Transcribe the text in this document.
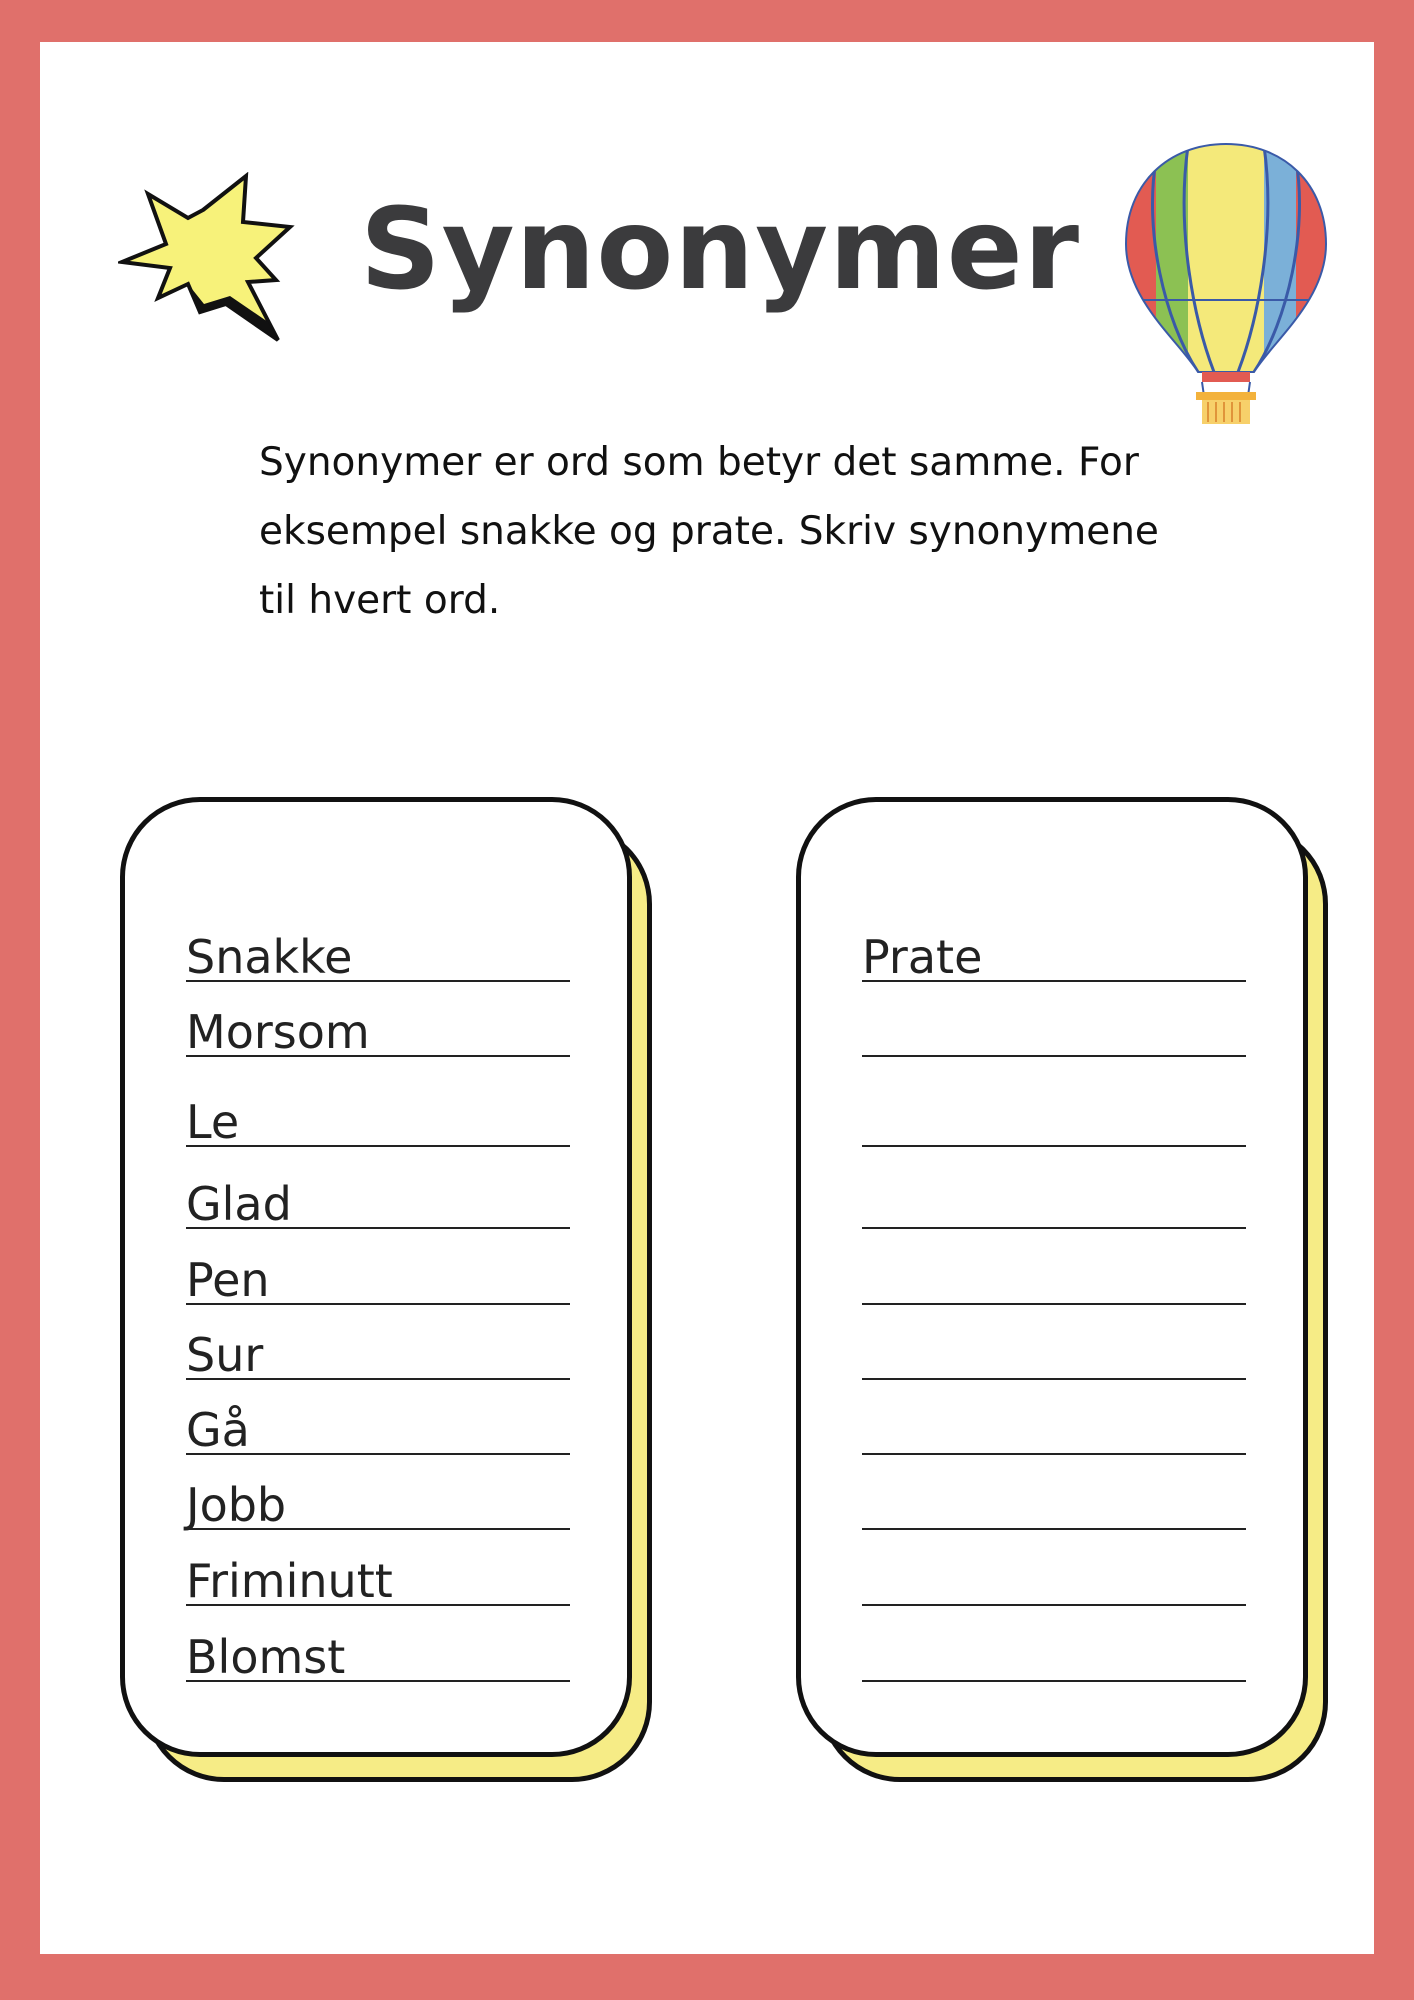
Synonymer

Synonymer er ord som betyr det samme. For eksempel snakke og prate. Skriv synonymene til hvert ord.

Snakke
Morsom
Le
Glad
Pen
Sur
Gå
Jobb
Friminutt
Blomst
Prate
